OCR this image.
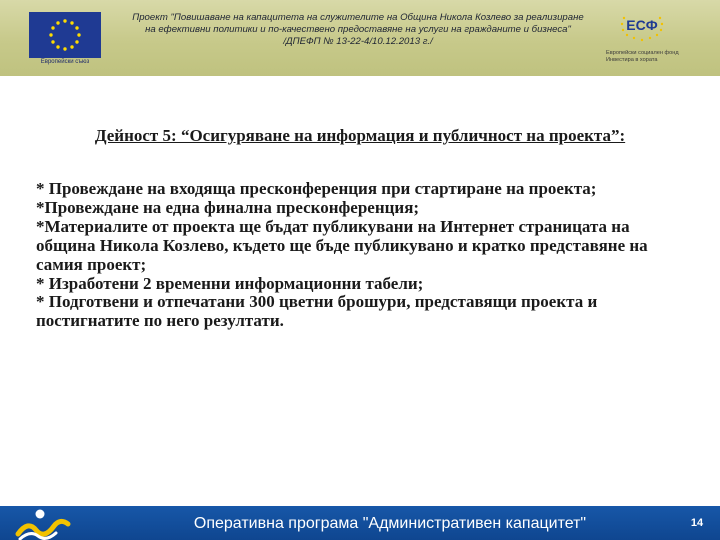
Европейски съюз
Проект "Повишаване на капацитета на служителите на Община Никола Козлево за реализиране
на ефективни политики и по-качествено предоставяне на услуги на гражданите и бизнеса"
/ДПЕФП № 13-22-4/10.12.2013 г./
ЕСФ
Европейски социален фонд
Инвестира в хората
Дейност 5: “Осигуряване на информация и публичност на проекта”:
* Провеждане на входяща пресконференция при стартиране на проекта;
*Провеждане на една финална пресконференция;
*Материалите от проекта ще бъдат публикувани на Интернет страницата на община Никола Козлево, където ще бъде публикувано и кратко представяне на самия проект;
* Изработени 2 временни информационни табели;
* Подготвени и отпечатани 300 цветни брошури, представящи проекта и постигнатите по него резултати.
Оперативна програма "Административен капацитет"	14
